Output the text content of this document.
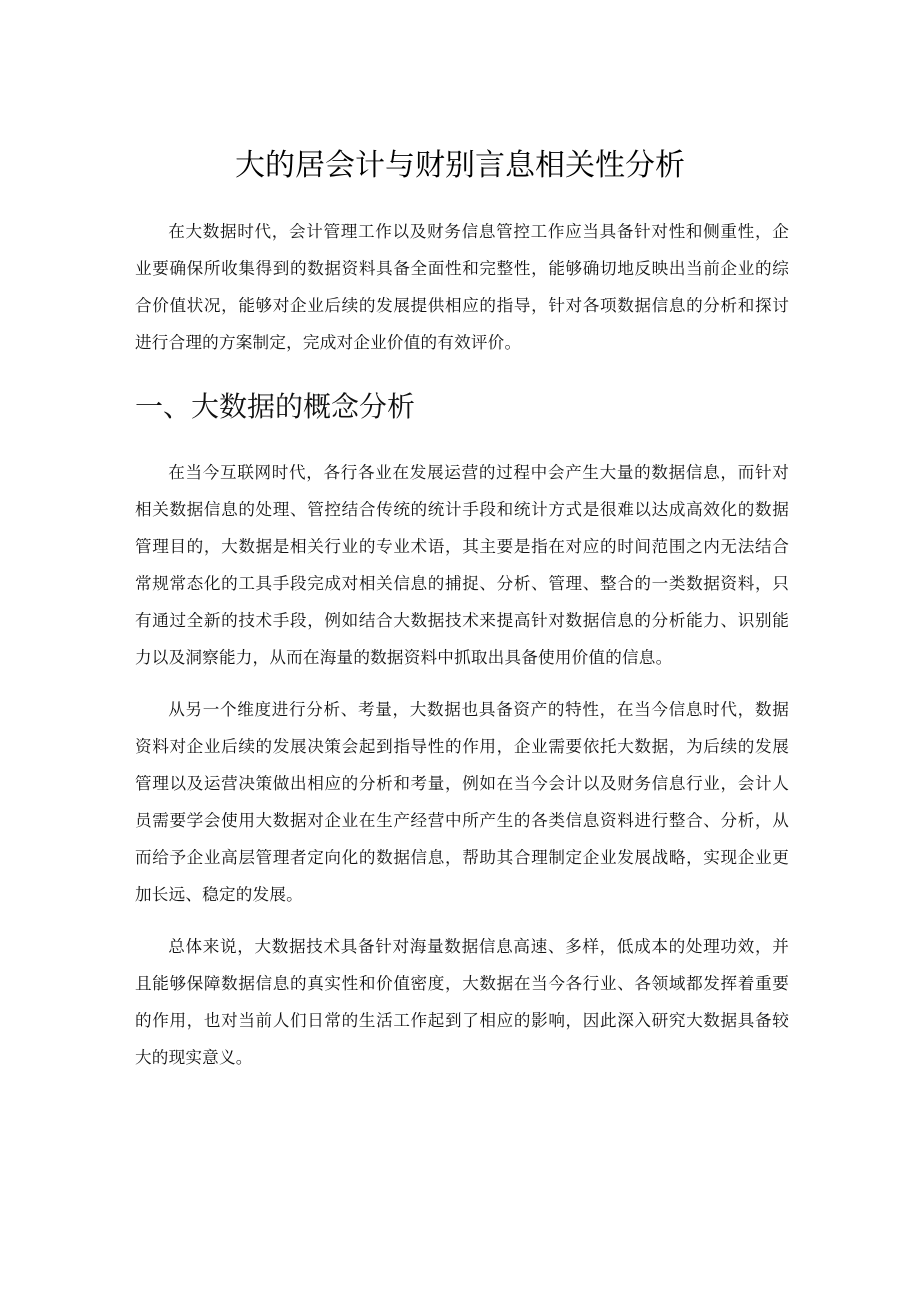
大的居会计与财别言息相关性分析

在大数据时代，会计管理工作以及财务信息管控工作应当具备针对性和侧重性，企业要确保所收集得到的数据资料具备全面性和完整性，能够确切地反映出当前企业的综合价值状况，能够对企业后续的发展提供相应的指导，针对各项数据信息的分析和探讨进行合理的方案制定，完成对企业价值的有效评价。

一、大数据的概念分析

在当今互联网时代，各行各业在发展运营的过程中会产生大量的数据信息，而针对相关数据信息的处理、管控结合传统的统计手段和统计方式是很难以达成高效化的数据管理目的，大数据是相关行业的专业术语，其主要是指在对应的时间范围之内无法结合常规常态化的工具手段完成对相关信息的捕捉、分析、管理、整合的一类数据资料，只有通过全新的技术手段，例如结合大数据技术来提高针对数据信息的分析能力、识别能力以及洞察能力，从而在海量的数据资料中抓取出具备使用价值的信息。

从另一个维度进行分析、考量，大数据也具备资产的特性，在当今信息时代，数据资料对企业后续的发展决策会起到指导性的作用，企业需要依托大数据，为后续的发展管理以及运营决策做出相应的分析和考量，例如在当今会计以及财务信息行业，会计人员需要学会使用大数据对企业在生产经营中所产生的各类信息资料进行整合、分析，从而给予企业高层管理者定向化的数据信息，帮助其合理制定企业发展战略，实现企业更加长远、稳定的发展。

总体来说，大数据技术具备针对海量数据信息高速、多样，低成本的处理功效，并且能够保障数据信息的真实性和价值密度，大数据在当今各行业、各领域都发挥着重要的作用，也对当前人们日常的生活工作起到了相应的影响，因此深入研究大数据具备较大的现实意义。
